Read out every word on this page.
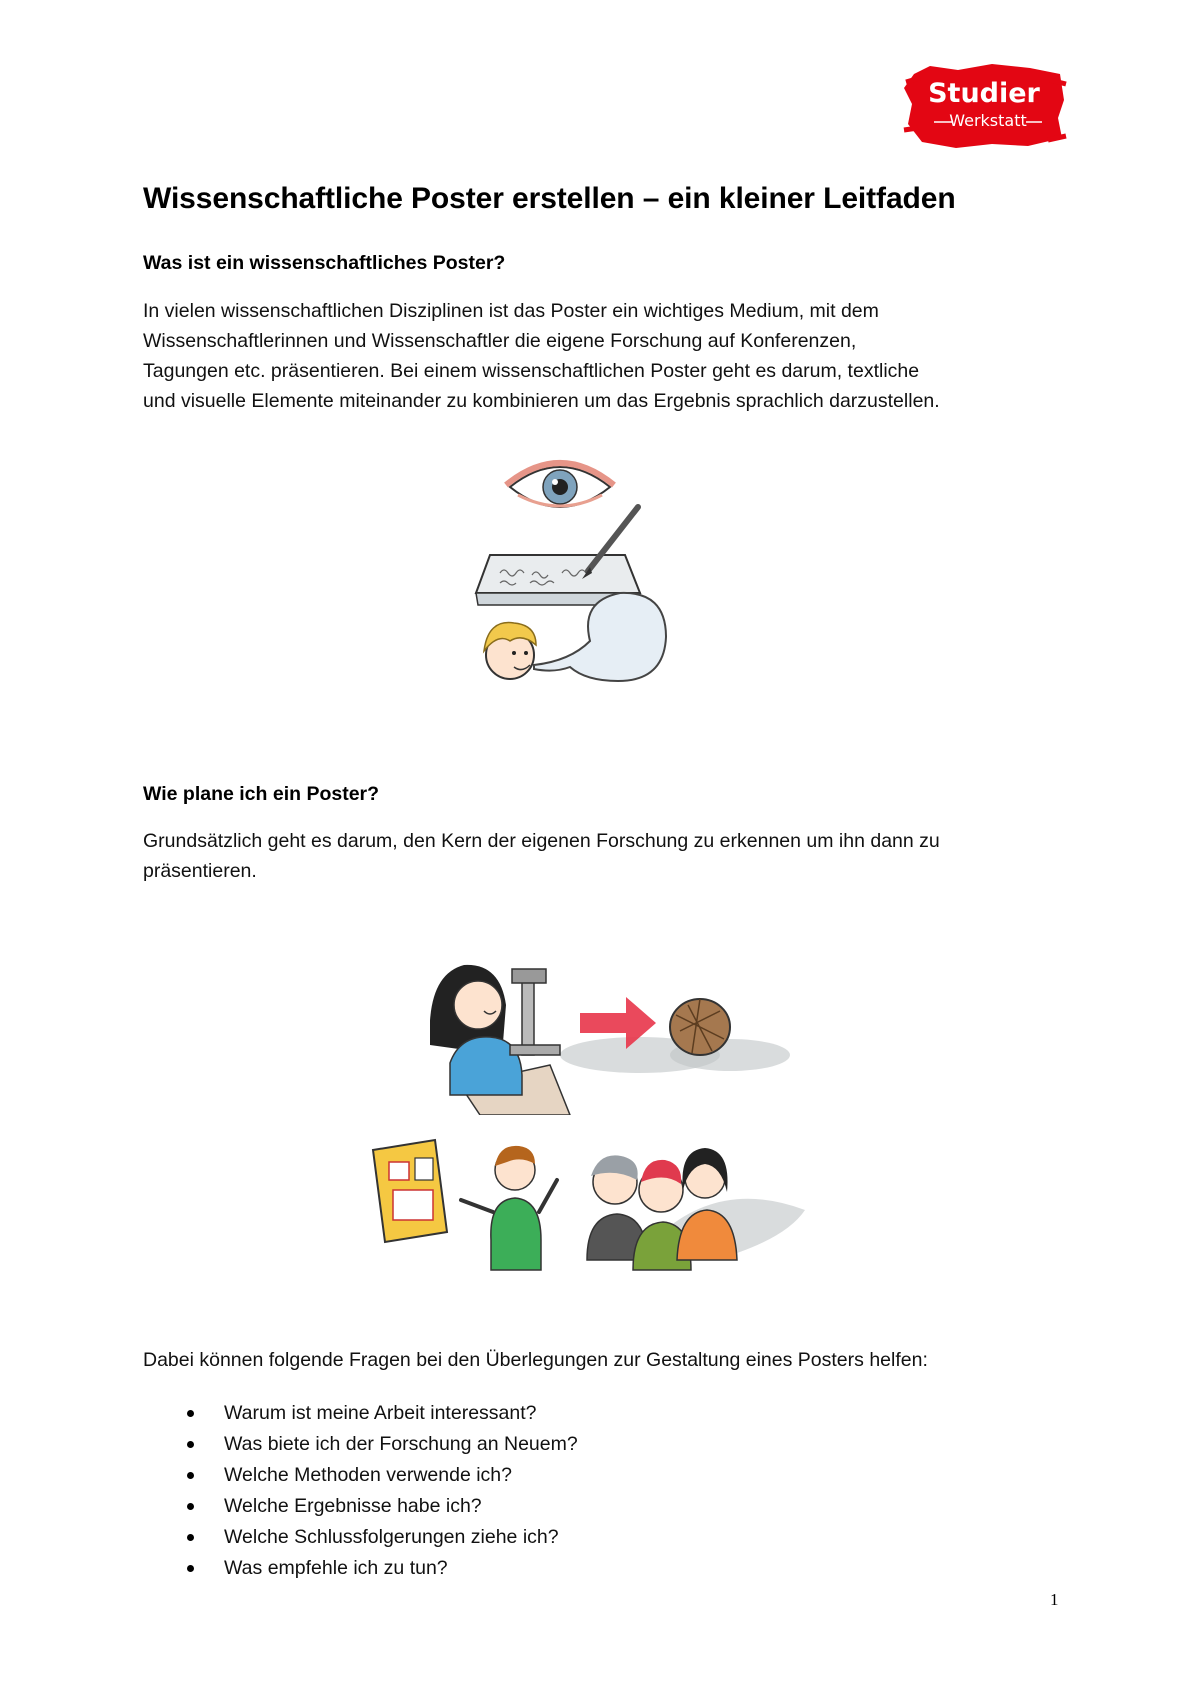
Studier
Werkstatt
Wissenschaftliche Poster erstellen – ein kleiner Leitfaden
Was ist ein wissenschaftliches Poster?
In vielen wissenschaftlichen Disziplinen ist das Poster ein wichtiges Medium, mit dem
Wissenschaftlerinnen und Wissenschaftler die eigene Forschung auf Konferenzen,
Tagungen etc. präsentieren. Bei einem wissenschaftlichen Poster geht es darum, textliche
und visuelle Elemente miteinander zu kombinieren um das Ergebnis sprachlich darzustellen.
Wie plane ich ein Poster?
Grundsätzlich geht es darum, den Kern der eigenen Forschung zu erkennen um ihn dann zu
präsentieren.
Dabei können folgende Fragen bei den Überlegungen zur Gestaltung eines Posters helfen:
Warum ist meine Arbeit interessant?
Was biete ich der Forschung an Neuem?
Welche Methoden verwende ich?
Welche Ergebnisse habe ich?
Welche Schlussfolgerungen ziehe ich?
Was empfehle ich zu tun?
1
